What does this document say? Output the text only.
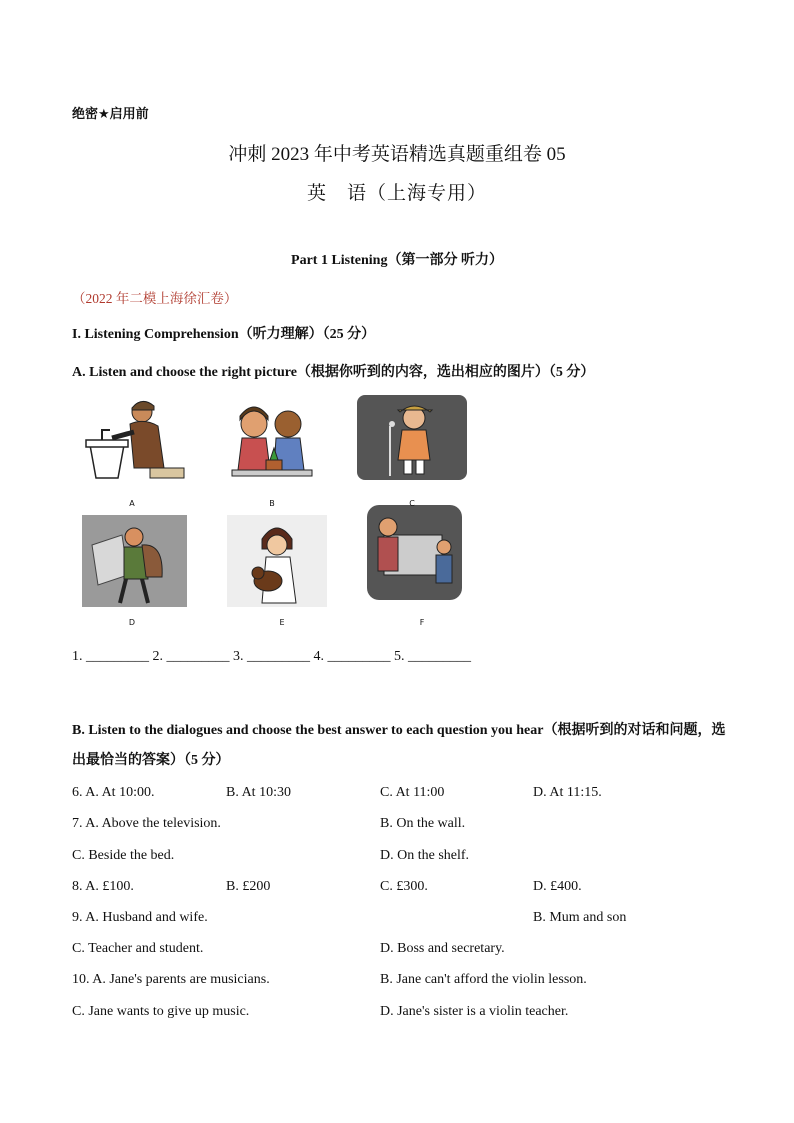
绝密★启用前
冲刺 2023 年中考英语精选真题重组卷 05
英　语（上海专用）
Part 1 Listening（第一部分 听力）
（2022 年二模上海徐汇卷）
I. Listening Comprehension（听力理解）（25 分）
A. Listen and choose the right picture（根据你听到的内容，选出相应的图片）（5 分）
A	B	C
D	E	F
1. _________ 2. _________ 3. _________ 4. _________ 5. _________
B. Listen to the dialogues and choose the best answer to each question you hear（根据听到的对话和问题，选出最恰当的答案）（5 分）
6. A. At 10:00.	B. At 10:30	C. At 11:00	D. At 11:15.
7. A. Above the television.	B. On the wall.
C. Beside the bed.	D. On the shelf.
8. A. £100.	B. £200	C. £300.	D. £400.
9. A. Husband and wife.	B. Mum and son
C. Teacher and student.	D. Boss and secretary.
10. A. Jane's parents are musicians.	B. Jane can't afford the violin lesson.
C. Jane wants to give up music.	D. Jane's sister is a violin teacher.
